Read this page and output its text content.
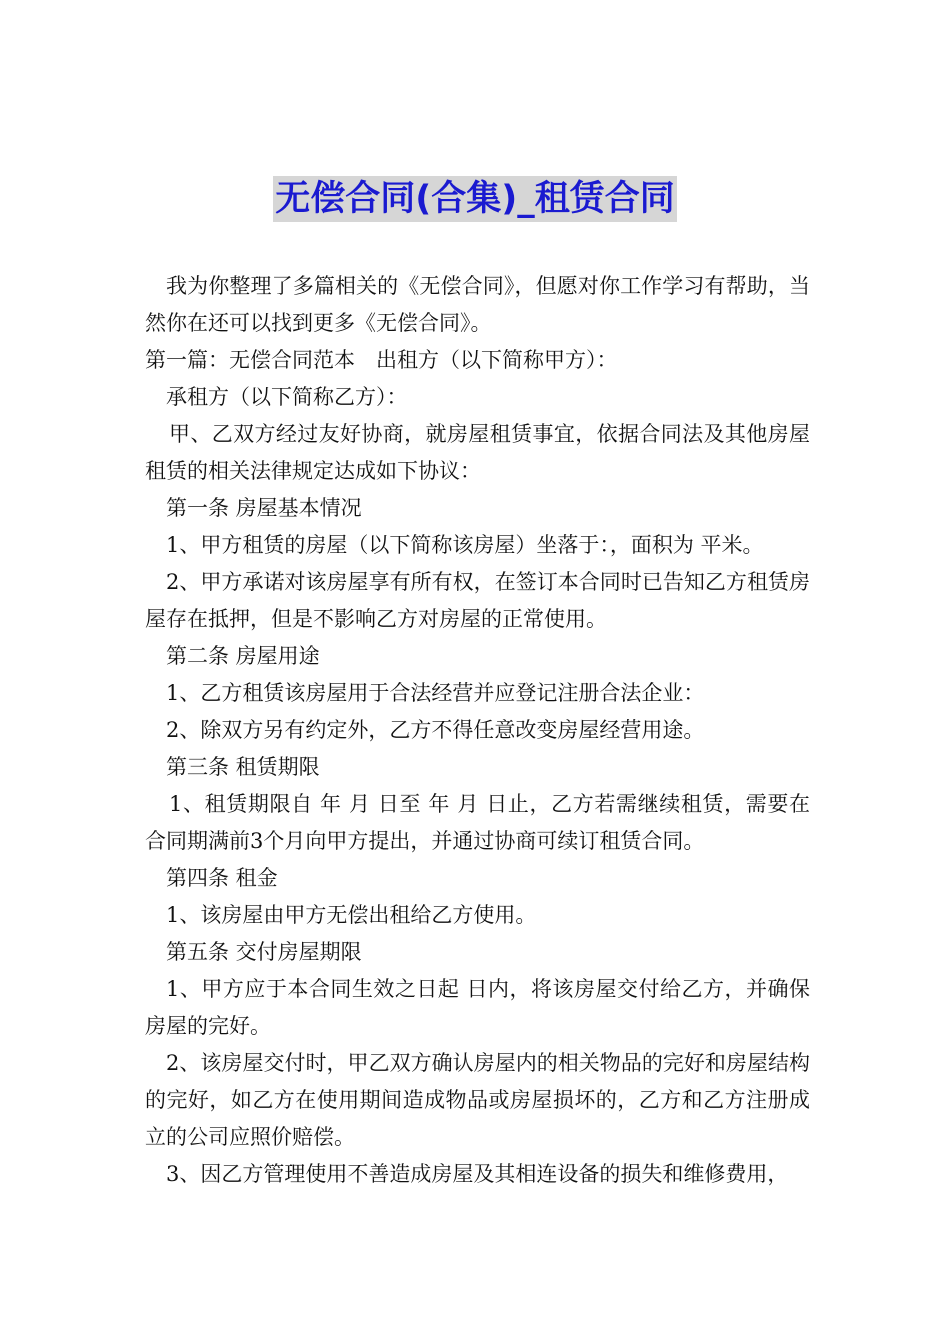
无偿合同(合集)_租赁合同

我为你整理了多篇相关的《无偿合同》，但愿对你工作学习有帮助，当然你在还可以找到更多《无偿合同》。

第一篇：无偿合同范本　出租方（以下简称甲方）：

承租方（以下简称乙方）：

甲、乙双方经过友好协商，就房屋租赁事宜，依据合同法及其他房屋租赁的相关法律规定达成如下协议：

第一条 房屋基本情况

1、甲方租赁的房屋（以下简称该房屋）坐落于：，面积为 平米。

2、甲方承诺对该房屋享有所有权，在签订本合同时已告知乙方租赁房屋存在抵押，但是不影响乙方对房屋的正常使用。

第二条 房屋用途

1、乙方租赁该房屋用于合法经营并应登记注册合法企业：

2、除双方另有约定外，乙方不得任意改变房屋经营用途。

第三条 租赁期限

1、租赁期限自 年 月 日至 年 月 日止，乙方若需继续租赁，需要在合同期满前3个月向甲方提出，并通过协商可续订租赁合同。

第四条 租金

1、该房屋由甲方无偿出租给乙方使用。

第五条 交付房屋期限

1、甲方应于本合同生效之日起 日内，将该房屋交付给乙方，并确保房屋的完好。

2、该房屋交付时，甲乙双方确认房屋内的相关物品的完好和房屋结构的完好，如乙方在使用期间造成物品或房屋损坏的，乙方和乙方注册成立的公司应照价赔偿。

3、因乙方管理使用不善造成房屋及其相连设备的损失和维修费用，
